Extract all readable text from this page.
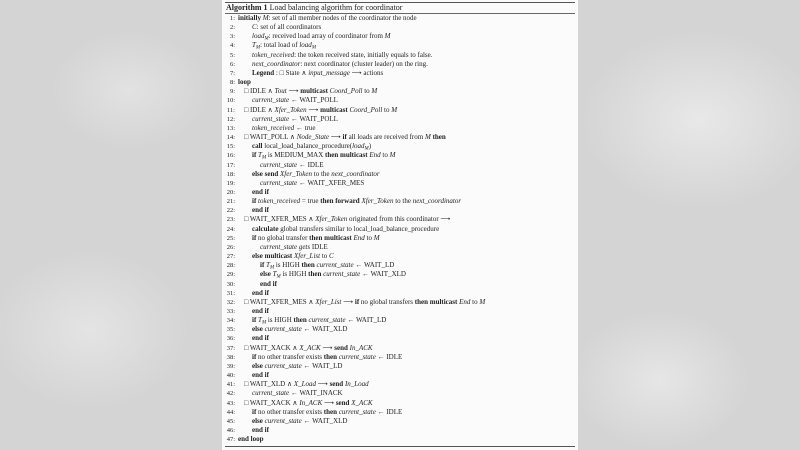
Algorithm 1 Load balancing algorithm for coordinator
1: initially M: set of all member nodes of the coordinator the node
2: C: set of all coordinators
3: load$_M$: received load array of coordinator from M
4: $T_M$: total load of load$_M$
5: token_received: the token received state, initially equals to false.
6: next_coordinator: next coordinator (cluster leader) on the ring.
7: Legend : □ State ∧ input_message ⟶ actions
8: loop
9: □ IDLE ∧ Tout ⟶ multicast Coord_Poll to M
10: current_state ← WAIT_POLL
11: □ IDLE ∧ Xfer_Token ⟶ multicast Coord_Poll to M
12: current_state ← WAIT_POLL
13: token_received ← true
14: □ WAIT_POLL ∧ Node_State ⟶ if all loads are received from M then
15: call local_load_balance_procedure(load$_M$)
16: if $T_M$ is MEDIUM_MAX then multicast End to M
17:	current_state ← IDLE
18: else send Xfer_Token to the next_coordinator
19:	current_state ← WAIT_XFER_MES
20: end if
21: if token_received = true then forward Xfer_Token to the next_coordinator
22: end if
23: □ WAIT_XFER_MES ∧ Xfer_Token originated from this coordinator ⟶
24: calculate global transfers similar to local_load_balance_procedure
25: if no global transfer then multicast End to M
26:	current_state gets IDLE
27: else multicast Xfer_List to C
28:	if $T_M$ is HIGH then current_state ← WAIT_LD
29:	else $T_M$ is HIGH then current_state ← WAIT_XLD
30:	end if
31: end if
32: □ WAIT_XFER_MES ∧ Xfer_List ⟶ if no global transfers then multicast End to M
33: end if
34: if $T_M$ is HIGH then current_state ← WAIT_LD
35: else current_state ← WAIT_XLD
36: end if
37: □ WAIT_XACK ∧ X_ACK ⟶ send In_ACK
38: if no other transfer exists then current_state ← IDLE
39: else current_state ← WAIT_LD
40: end if
41: □ WAIT_XLD ∧ X_Load ⟶ send In_Load
42: current_state ← WAIT_INACK
43: □ WAIT_XACK ∧ In_ACK ⟶ send X_ACK
44: if no other transfer exists then current_state ← IDLE
45: else current_state ← WAIT_XLD
46: end if
47: end loop
